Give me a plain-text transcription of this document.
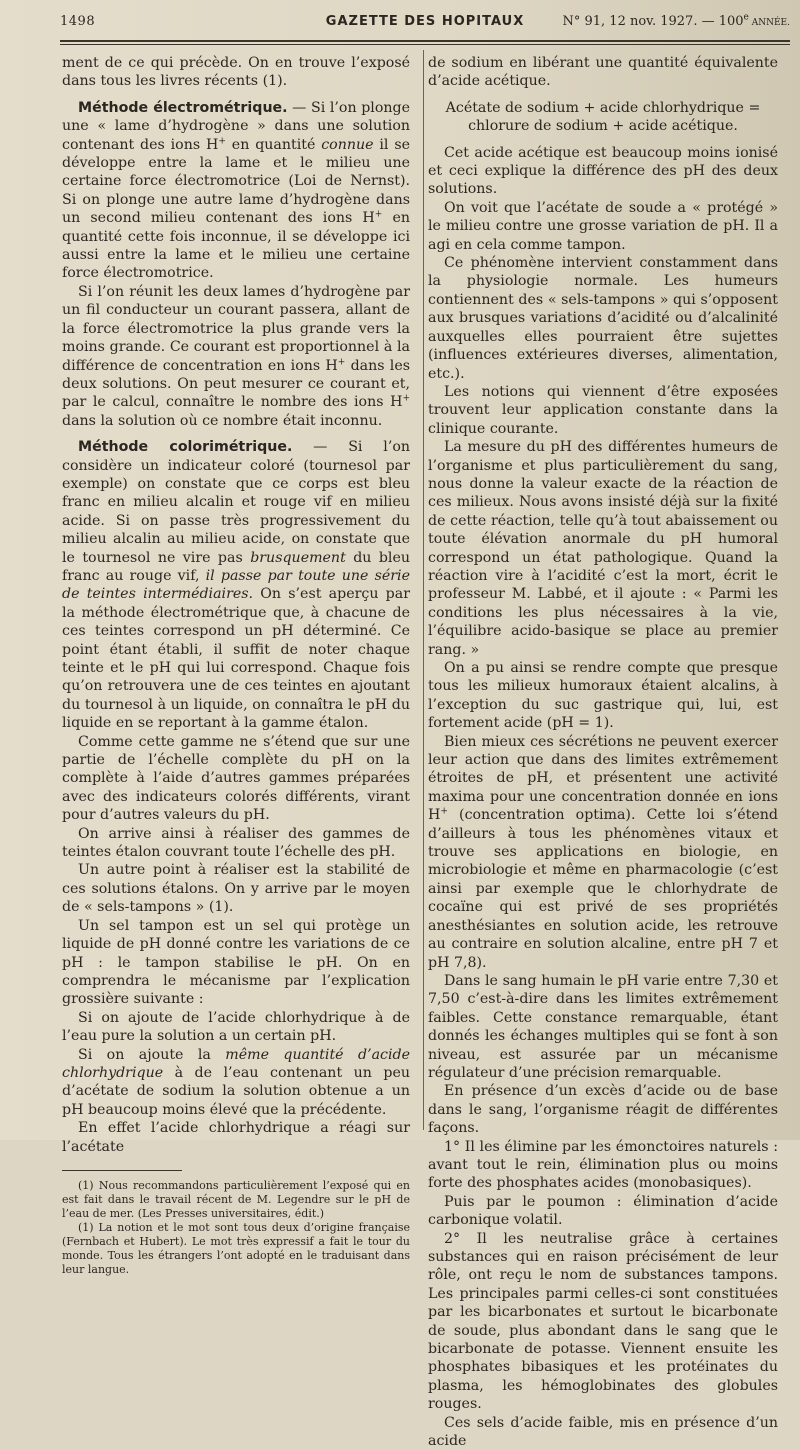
1498	GAZETTE DES HOPITAUX	N° 91, 12 nov. 1927. — 100e ANNÉE.

ment de ce qui précède. On en trouve l’exposé dans tous les livres récents (1).

Méthode électrométrique. — Si l’on plonge une « lame d’hydrogène » dans une solution contenant des ions H+ en quantité connue il se développe entre la lame et le milieu une certaine force électromotrice (Loi de Nernst). Si on plonge une autre lame d’hydrogène dans un second milieu contenant des ions H+ en quantité cette fois inconnue, il se développe ici aussi entre la lame et le milieu une certaine force électromotrice.

Si l’on réunit les deux lames d’hydrogène par un fil conducteur un courant passera, allant de la force électromotrice la plus grande vers la moins grande. Ce courant est proportionnel à la différence de concentration en ions H+ dans les deux solutions. On peut mesurer ce courant et, par le calcul, connaître le nombre des ions H+ dans la solution où ce nombre était inconnu.

Méthode colorimétrique. — Si l’on considère un indicateur coloré (tournesol par exemple) on constate que ce corps est bleu franc en milieu alcalin et rouge vif en milieu acide. Si on passe très progressivement du milieu alcalin au milieu acide, on constate que le tournesol ne vire pas brusquement du bleu franc au rouge vif, il passe par toute une série de teintes intermédiaires. On s’est aperçu par la méthode électrométrique que, à chacune de ces teintes correspond un pH déterminé. Ce point étant établi, il suffit de noter chaque teinte et le pH qui lui correspond. Chaque fois qu’on retrouvera une de ces teintes en ajoutant du tournesol à un liquide, on connaîtra le pH du liquide en se reportant à la gamme étalon.

Comme cette gamme ne s’étend que sur une partie de l’échelle complète du pH on la complète à l’aide d’autres gammes préparées avec des indicateurs colorés différents, virant pour d’autres valeurs du pH.

On arrive ainsi à réaliser des gammes de teintes étalon couvrant toute l’échelle des pH.

Un autre point à réaliser est la stabilité de ces solutions étalons. On y arrive par le moyen de « sels-tampons » (1).

Un sel tampon est un sel qui protège un liquide de pH donné contre les variations de ce pH : le tampon stabilise le pH. On en comprendra le mécanisme par l’explication grossière suivante :

Si on ajoute de l’acide chlorhydrique à de l’eau pure la solution a un certain pH.

Si on ajoute la même quantité d’acide chlorhydrique à de l’eau contenant un peu d’acétate de sodium la solution obtenue a un pH beaucoup moins élevé que la précédente.

En effet l’acide chlorhydrique a réagi sur l’acétate

(1) Nous recommandons particulièrement l’exposé qui en est fait dans le travail récent de M. Legendre sur le pH de l’eau de mer. (Les Presses universitaires, édit.)

(1) La notion et le mot sont tous deux d’origine française (Fernbach et Hubert). Le mot très expressif a fait le tour du monde. Tous les étrangers l’ont adopté en le traduisant dans leur langue.

de sodium en libérant une quantité équivalente d’acide acétique.

Acétate de sodium + acide chlorhydrique = chlorure de sodium + acide acétique.

Cet acide acétique est beaucoup moins ionisé et ceci explique la différence des pH des deux solutions.

On voit que l’acétate de soude a « protégé » le milieu contre une grosse variation de pH. Il a agi en cela comme tampon.

Ce phénomène intervient constamment dans la physiologie normale. Les humeurs contiennent des « sels-tampons » qui s’opposent aux brusques variations d’acidité ou d’alcalinité auxquelles elles pourraient être sujettes (influences extérieures diverses, alimentation, etc.).

Les notions qui viennent d’être exposées trouvent leur application constante dans la clinique courante.

La mesure du pH des différentes humeurs de l’organisme et plus particulièrement du sang, nous donne la valeur exacte de la réaction de ces milieux. Nous avons insisté déjà sur la fixité de cette réaction, telle qu’à tout abaissement ou toute élévation anormale du pH humoral correspond un état pathologique. Quand la réaction vire à l’acidité c’est la mort, écrit le professeur M. Labbé, et il ajoute : « Parmi les conditions les plus nécessaires à la vie, l’équilibre acido-basique se place au premier rang. »

On a pu ainsi se rendre compte que presque tous les milieux humoraux étaient alcalins, à l’exception du suc gastrique qui, lui, est fortement acide (pH = 1).

Bien mieux ces sécrétions ne peuvent exercer leur action que dans des limites extrêmement étroites de pH, et présentent une activité maxima pour une concentration donnée en ions H+ (concentration optima). Cette loi s’étend d’ailleurs à tous les phénomènes vitaux et trouve ses applications en biologie, en microbiologie et même en pharmacologie (c’est ainsi par exemple que le chlorhydrate de cocaïne qui est privé de ses propriétés anesthésiantes en solution acide, les retrouve au contraire en solution alcaline, entre pH 7 et pH 7,8).

Dans le sang humain le pH varie entre 7,30 et 7,50 c’est-à-dire dans les limites extrêmement faibles. Cette constance remarquable, étant donnés les échanges multiples qui se font à son niveau, est assurée par un mécanisme régulateur d’une précision remarquable.

En présence d’un excès d’acide ou de base dans le sang, l’organisme réagit de différentes façons.

1° Il les élimine par les émonctoires naturels : avant tout le rein, élimination plus ou moins forte des phosphates acides (monobasiques).

Puis par le poumon : élimination d’acide carbonique volatil.

2° Il les neutralise grâce à certaines substances qui en raison précisément de leur rôle, ont reçu le nom de substances tampons. Les principales parmi celles-ci sont constituées par les bicarbonates et surtout le bicarbonate de soude, plus abondant dans le sang que le bicarbonate de potasse. Viennent ensuite les phosphates bibasiques et les protéinates du plasma, les hémoglobinates des globules rouges.

Ces sels d’acide faible, mis en présence d’un acide
